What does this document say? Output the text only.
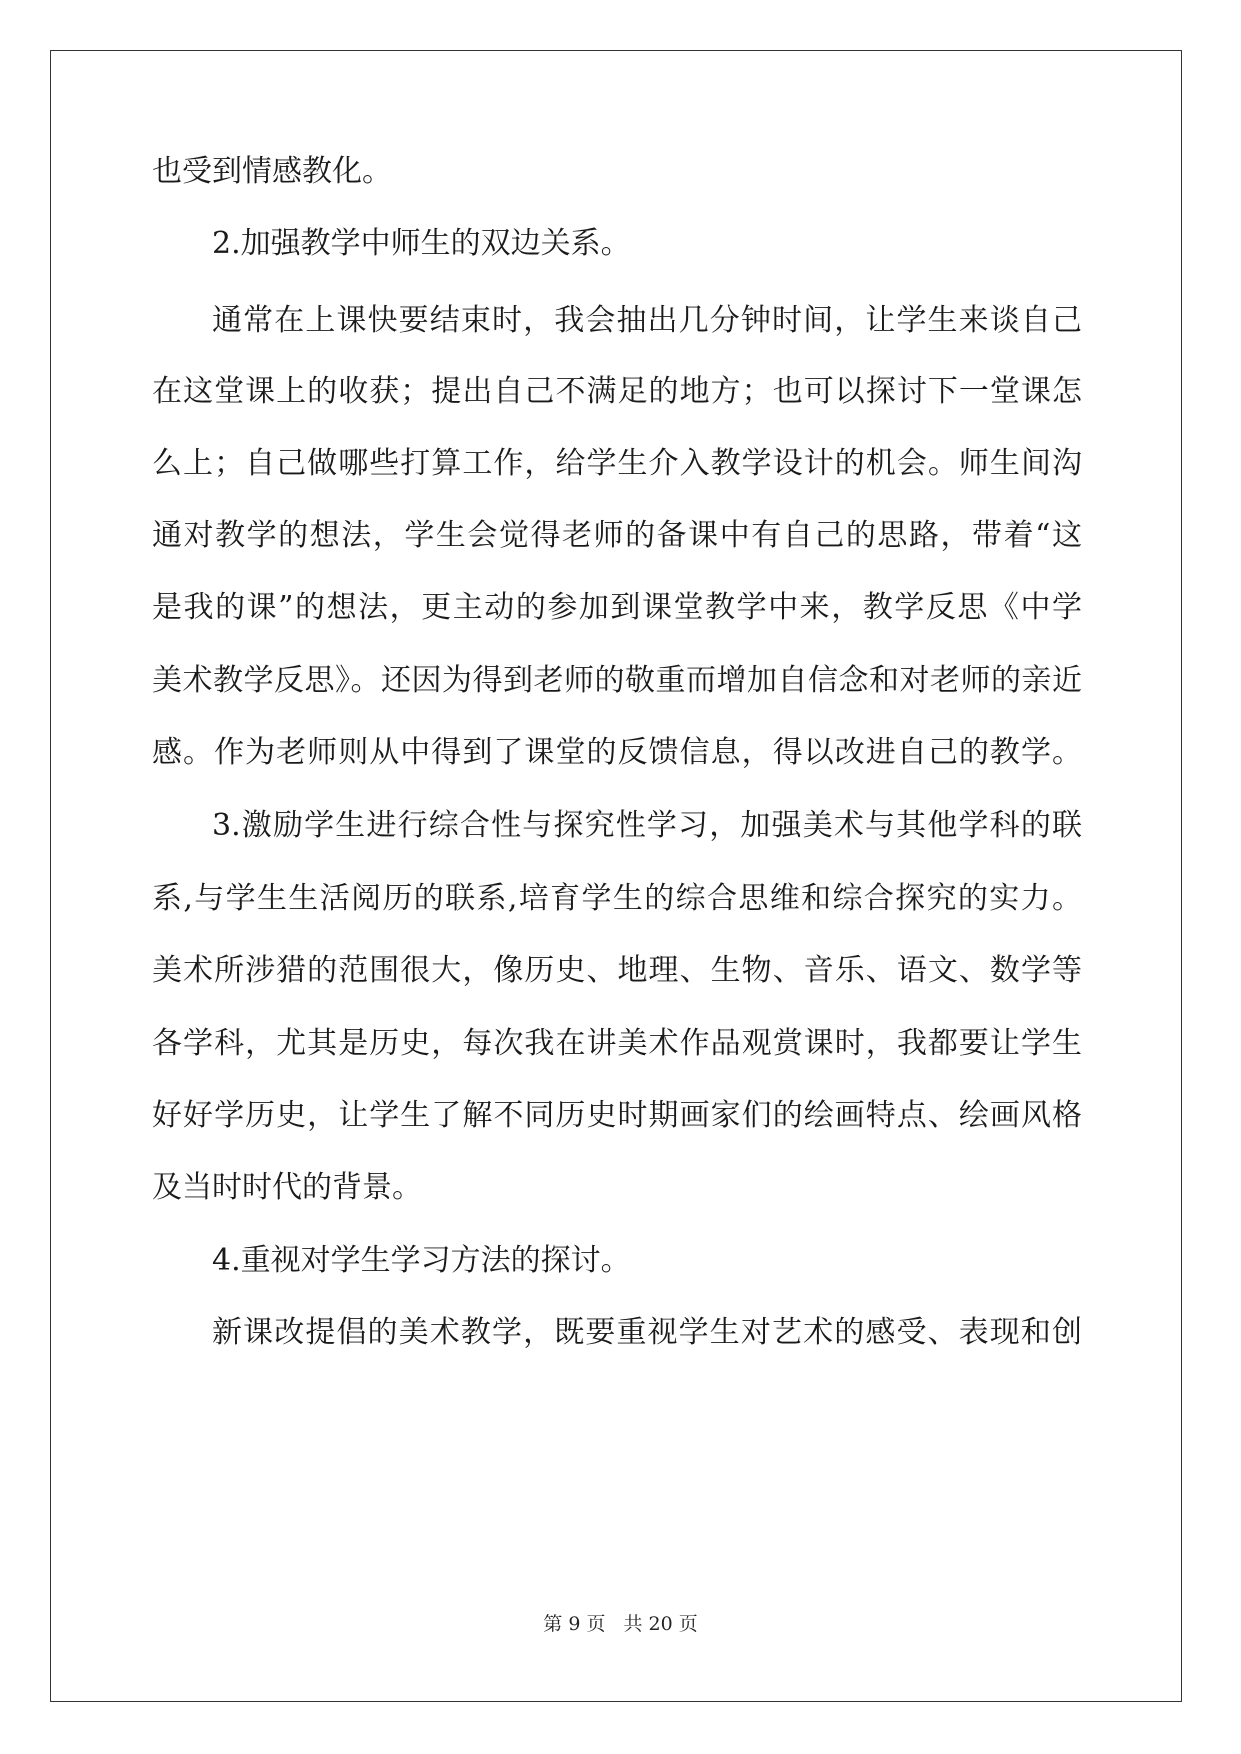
也受到情感教化。
2.加强教学中师生的双边关系。
通常在上课快要结束时，我会抽出几分钟时间，让学生来谈自己
在这堂课上的收获；提出自己不满足的地方；也可以探讨下一堂课怎
么上；自己做哪些打算工作，给学生介入教学设计的机会。师生间沟
通对教学的想法，学生会觉得老师的备课中有自己的思路，带着“这
是我的课”的想法，更主动的参加到课堂教学中来，教学反思《中学
美术教学反思》。还因为得到老师的敬重而增加自信念和对老师的亲近
感。作为老师则从中得到了课堂的反馈信息，得以改进自己的教学。
3.激励学生进行综合性与探究性学习，加强美术与其他学科的联
系,与学生生活阅历的联系,培育学生的综合思维和综合探究的实力。
美术所涉猎的范围很大，像历史、地理、生物、音乐、语文、数学等
各学科，尤其是历史，每次我在讲美术作品观赏课时，我都要让学生
好好学历史，让学生了解不同历史时期画家们的绘画特点、绘画风格
及当时时代的背景。
4.重视对学生学习方法的探讨。
新课改提倡的美术教学，既要重视学生对艺术的感受、表现和创
第 9 页 共 20 页
